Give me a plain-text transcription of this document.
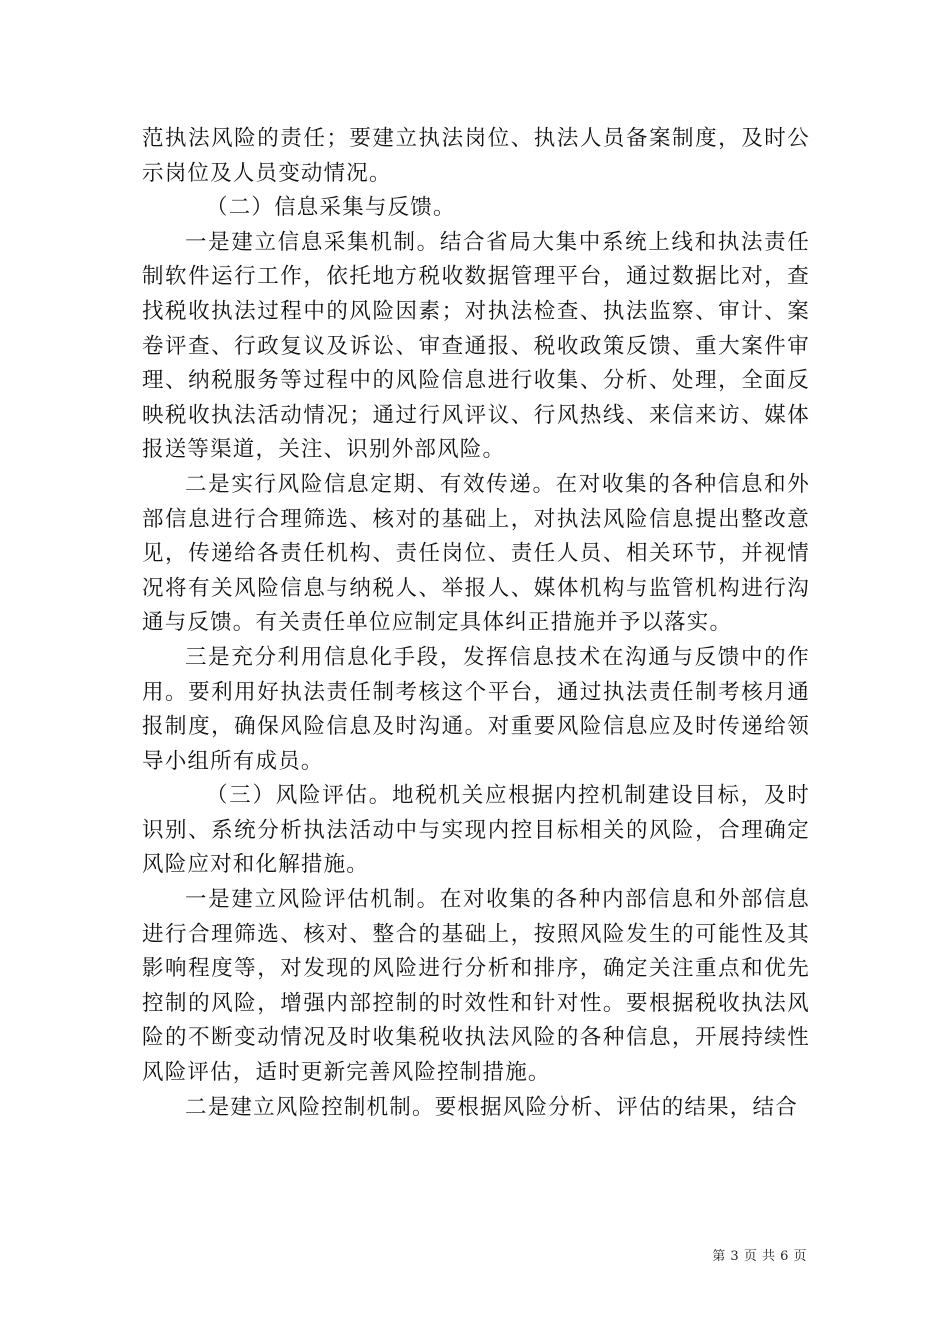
范执法风险的责任；要建立执法岗位、执法人员备案制度，及时公示岗位及人员变动情况。

（二）信息采集与反馈。

一是建立信息采集机制。结合省局大集中系统上线和执法责任制软件运行工作，依托地方税收数据管理平台，通过数据比对，查找税收执法过程中的风险因素；对执法检查、执法监察、审计、案卷评查、行政复议及诉讼、审查通报、税收政策反馈、重大案件审理、纳税服务等过程中的风险信息进行收集、分析、处理，全面反映税收执法活动情况；通过行风评议、行风热线、来信来访、媒体报送等渠道，关注、识别外部风险。

二是实行风险信息定期、有效传递。在对收集的各种信息和外部信息进行合理筛选、核对的基础上，对执法风险信息提出整改意见，传递给各责任机构、责任岗位、责任人员、相关环节，并视情况将有关风险信息与纳税人、举报人、媒体机构与监管机构进行沟通与反馈。有关责任单位应制定具体纠正措施并予以落实。

三是充分利用信息化手段，发挥信息技术在沟通与反馈中的作用。要利用好执法责任制考核这个平台，通过执法责任制考核月通报制度，确保风险信息及时沟通。对重要风险信息应及时传递给领导小组所有成员。

（三）风险评估。地税机关应根据内控机制建设目标，及时识别、系统分析执法活动中与实现内控目标相关的风险，合理确定风险应对和化解措施。

一是建立风险评估机制。在对收集的各种内部信息和外部信息进行合理筛选、核对、整合的基础上，按照风险发生的可能性及其影响程度等，对发现的风险进行分析和排序，确定关注重点和优先控制的风险，增强内部控制的时效性和针对性。要根据税收执法风险的不断变动情况及时收集税收执法风险的各种信息，开展持续性风险评估，适时更新完善风险控制措施。

二是建立风险控制机制。要根据风险分析、评估的结果，结合

第 3 页 共 6 页
